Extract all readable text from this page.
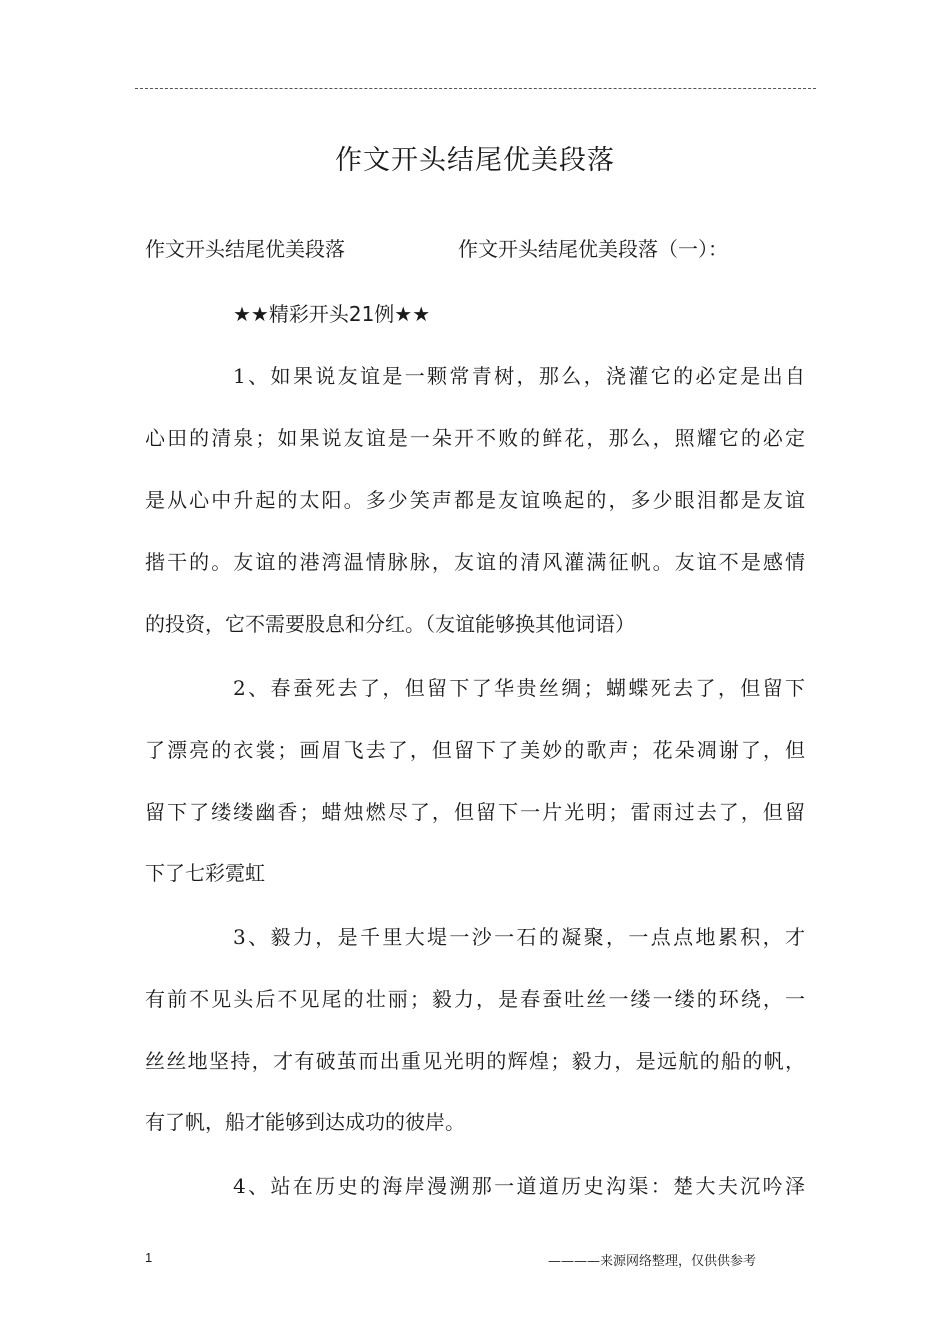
作文开头结尾优美段落
作文开头结尾优美段落	作文开头结尾优美段落（一）：
★★精彩开头21例★★
1、如果说友谊是一颗常青树，那么，浇灌它的必定是出自
心田的清泉；如果说友谊是一朵开不败的鲜花，那么，照耀它的必定
是从心中升起的太阳。多少笑声都是友谊唤起的，多少眼泪都是友谊
揩干的。友谊的港湾温情脉脉，友谊的清风灌满征帆。友谊不是感情
的投资，它不需要股息和分红。（友谊能够换其他词语）
2、春蚕死去了，但留下了华贵丝绸；蝴蝶死去了，但留下
了漂亮的衣裳；画眉飞去了，但留下了美妙的歌声；花朵凋谢了，但
留下了缕缕幽香；蜡烛燃尽了，但留下一片光明；雷雨过去了，但留
下了七彩霓虹
3、毅力，是千里大堤一沙一石的凝聚，一点点地累积，才
有前不见头后不见尾的壮丽；毅力，是春蚕吐丝一缕一缕的环绕，一
丝丝地坚持，才有破茧而出重见光明的辉煌；毅力，是远航的船的帆，
有了帆，船才能够到达成功的彼岸。
4、站在历史的海岸漫溯那一道道历史沟渠：楚大夫沉吟泽
1	————来源网络整理，仅供供参考
